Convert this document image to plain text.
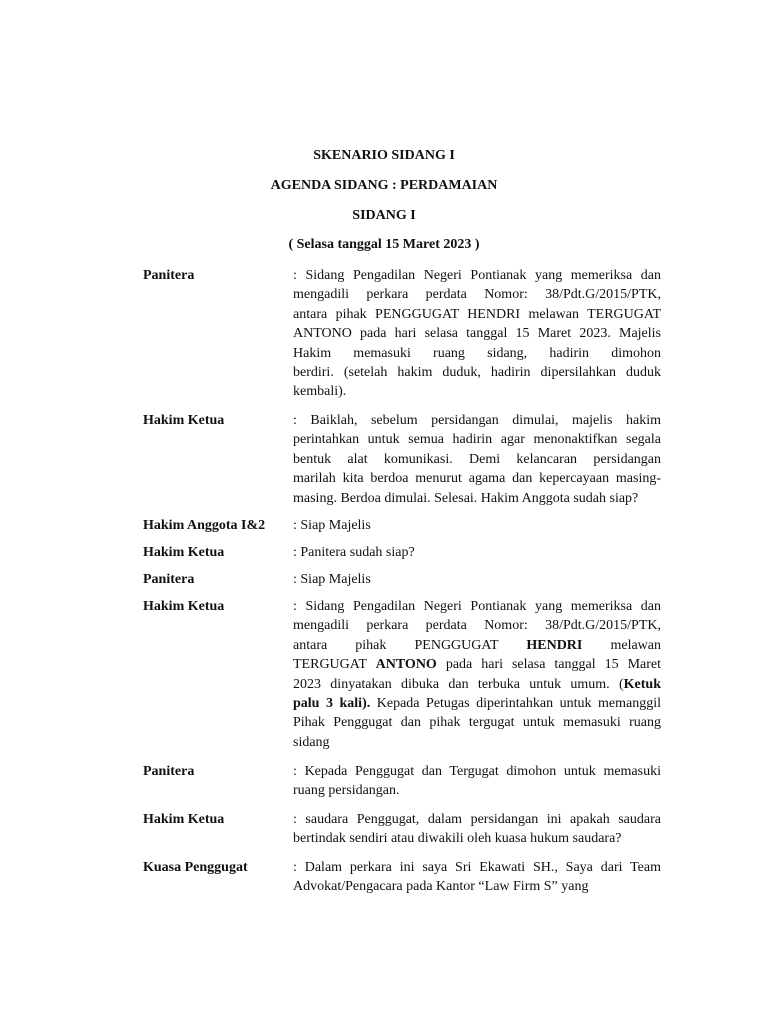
SKENARIO SIDANG I
AGENDA SIDANG : PERDAMAIAN
SIDANG I
( Selasa tanggal 15 Maret 2023 )
Panitera	: Sidang Pengadilan Negeri Pontianak yang memeriksa dan
mengadili perkara perdata Nomor: 38/Pdt.G/2015/PTK,
antara pihak PENGGUGAT HENDRI melawan TERGUGAT
ANTONO pada hari selasa tanggal 15 Maret 2023. Majelis
Hakim memasuki ruang sidang, hadirin dimohon
berdiri. (setelah hakim duduk, hadirin dipersilahkan duduk
kembali).
Hakim Ketua	: Baiklah, sebelum persidangan dimulai, majelis hakim
perintahkan untuk semua hadirin agar menonaktifkan segala
bentuk alat komunikasi. Demi kelancaran persidangan
marilah kita berdoa menurut agama dan kepercayaan masing-
masing. Berdoa dimulai. Selesai. Hakim Anggota sudah siap?
Hakim Anggota I&2 : Siap Majelis
Hakim Ketua	: Panitera sudah siap?
Panitera	: Siap Majelis
Hakim Ketua	: Sidang Pengadilan Negeri Pontianak yang memeriksa dan
mengadili perkara perdata Nomor: 38/Pdt.G/2015/PTK,
antara pihak PENGGUGAT HENDRI melawan
TERGUGAT ANTONO pada hari selasa tanggal 15 Maret
2023 dinyatakan dibuka dan terbuka untuk umum. (Ketuk
palu 3 kali). Kepada Petugas diperintahkan untuk memanggil
Pihak Penggugat dan pihak tergugat untuk memasuki ruang
sidang
Panitera	: Kepada Penggugat dan Tergugat dimohon untuk memasuki
ruang persidangan.
Hakim Ketua	: saudara Penggugat, dalam persidangan ini apakah saudara
bertindak sendiri atau diwakili oleh kuasa hukum saudara?
Kuasa Penggugat	: Dalam perkara ini saya Sri Ekawati SH., Saya dari Team
Advokat/Pengacara pada Kantor “Law Firm S” yang
